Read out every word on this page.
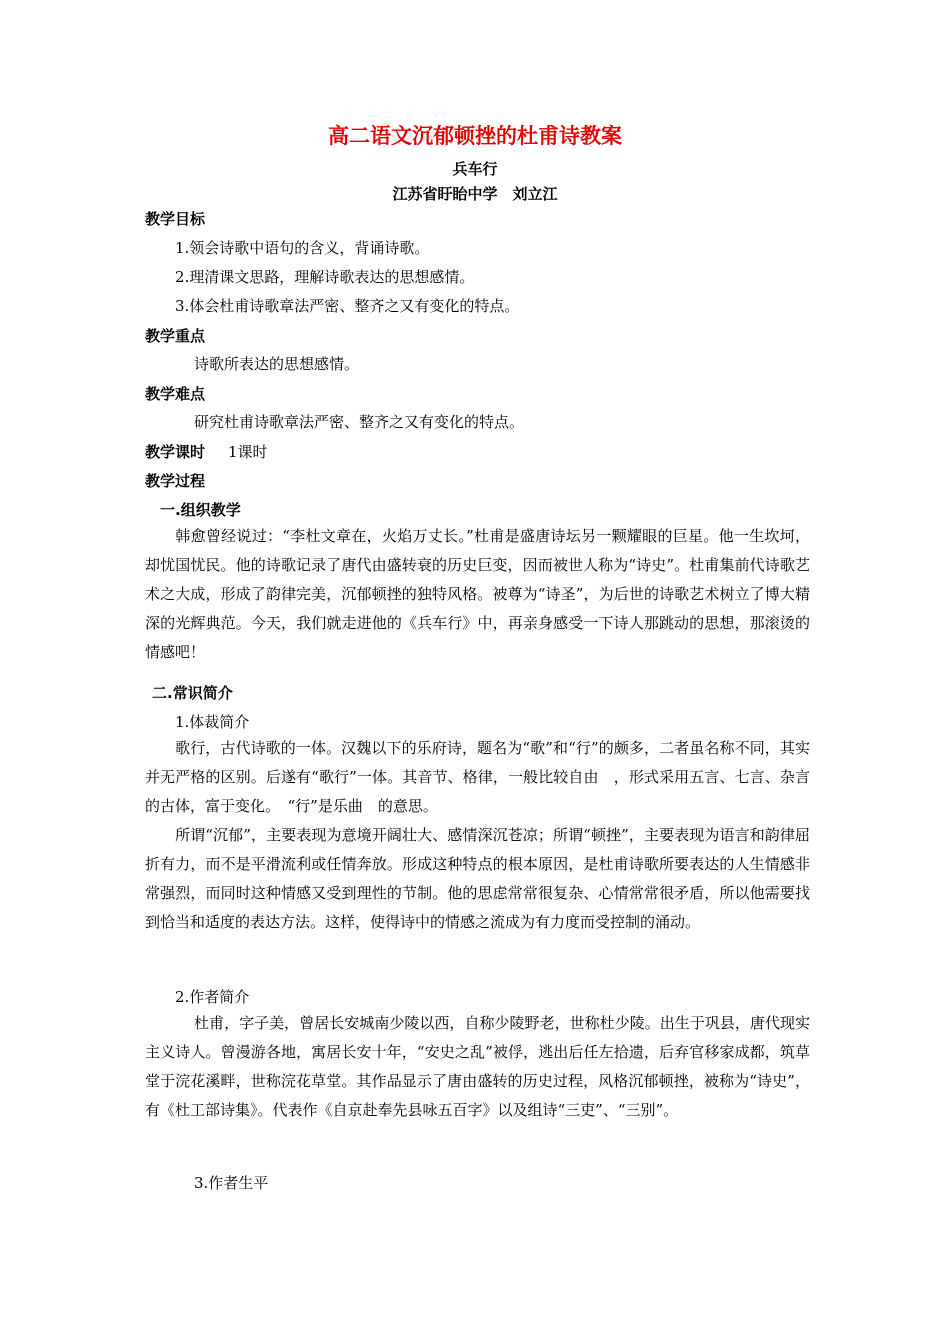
高二语文沉郁顿挫的杜甫诗教案
兵车行
江苏省盱眙中学　刘立江
教学目标
1.领会诗歌中语句的含义，背诵诗歌。
2.理清课文思路，理解诗歌表达的思想感情。
3.体会杜甫诗歌章法严密、整齐之又有变化的特点。
教学重点
诗歌所表达的思想感情。
教学难点
研究杜甫诗歌章法严密、整齐之又有变化的特点。
教学课时 1课时
教学过程
一.组织教学
韩愈曾经说过：“李杜文章在，火焰万丈长。”杜甫是盛唐诗坛另一颗耀眼的巨星。他一生坎坷，却忧国忧民。他的诗歌记录了唐代由盛转衰的历史巨变，因而被世人称为“诗史”。杜甫集前代诗歌艺术之大成，形成了韵律完美，沉郁顿挫的独特风格。被尊为“诗圣”，为后世的诗歌艺术树立了博大精深的光辉典范。今天，我们就走进他的《兵车行》中，再亲身感受一下诗人那跳动的思想，那滚烫的情感吧！
二.常识简介
1.体裁简介
歌行，古代诗歌的一体。汉魏以下的乐府诗，题名为“歌”和“行”的颇多，二者虽名称不同，其实并无严格的区别。后遂有“歌行”一体。其音节、格律，一般比较自由　，形式采用五言、七言、杂言的古体，富于变化。　“行”是乐曲　的意思。
所谓“沉郁”，主要表现为意境开阔壮大、感情深沉苍凉；所谓“顿挫”，主要表现为语言和韵律屈折有力，而不是平滑流利或任情奔放。形成这种特点的根本原因，是杜甫诗歌所要表达的人生情感非常强烈，而同时这种情感又受到理性的节制。他的思虑常常很复杂、心情常常很矛盾，所以他需要找到恰当和适度的表达方法。这样，使得诗中的情感之流成为有力度而受控制的涌动。
2.作者简介
杜甫，字子美，曾居长安城南少陵以西，自称少陵野老，世称杜少陵。出生于巩县，唐代现实主义诗人。曾漫游各地，寓居长安十年，“安史之乱”被俘，逃出后任左拾遗，后弃官移家成都，筑草堂于浣花溪畔，世称浣花草堂。其作品显示了唐由盛转的历史过程，风格沉郁顿挫，被称为“诗史”，有《杜工部诗集》。代表作《自京赴奉先县咏五百字》以及组诗“三吏”、“三别”。
3.作者生平
